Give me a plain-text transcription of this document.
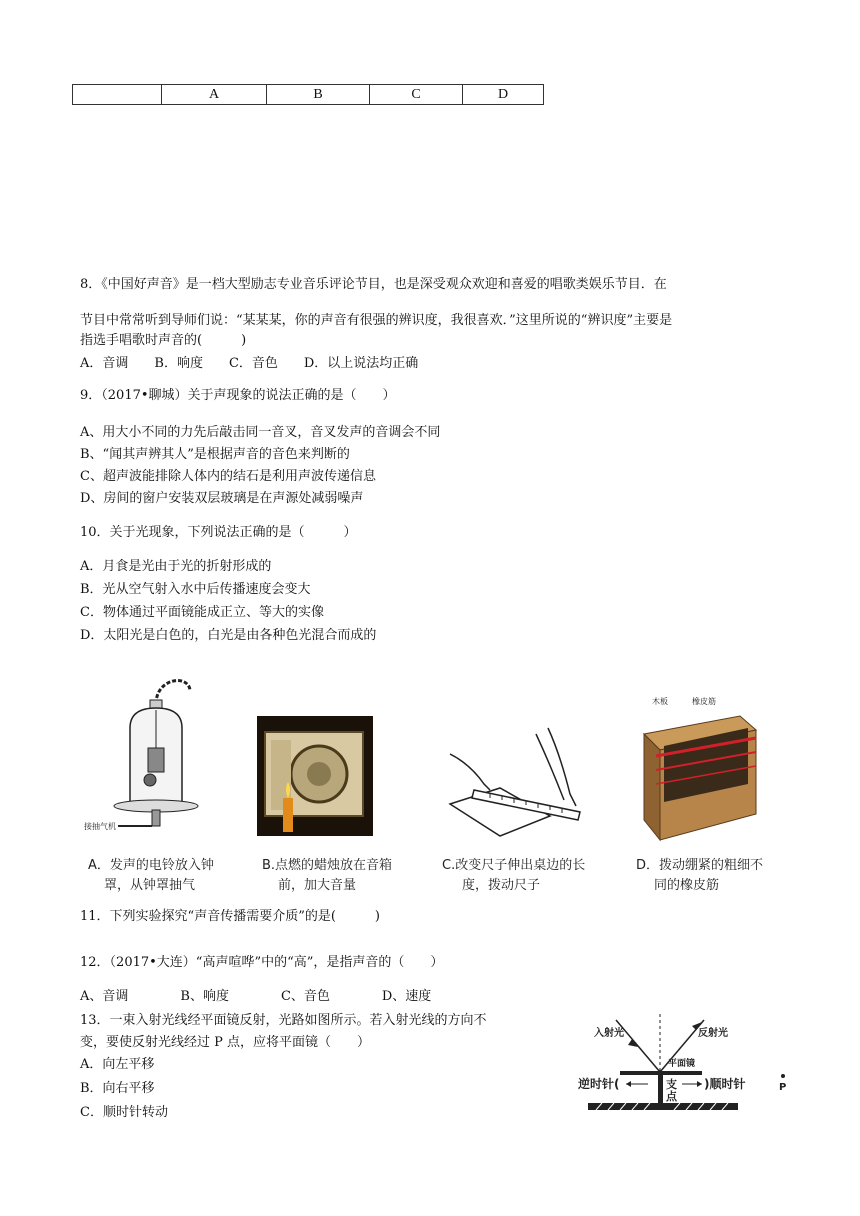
	A	B	C	D
8．《中国好声音》是一档大型励志专业音乐评论节目，也是深受观众欢迎和喜爱的唱歌类娱乐节目．在
节目中常常听到导师们说：“某某某，你的声音有很强的辨识度，我很喜欢．”这里所说的“辨识度”主要是
指选手唱歌时声音的(　　　)
A．音调　　B．响度　　C．音色　　D．以上说法均正确
9．（2017•聊城）关于声现象的说法正确的是（　　）
A、用大小不同的力先后敲击同一音叉，音叉发声的音调会不同
B、“闻其声辨其人”是根据声音的音色来判断的
C、超声波能排除人体内的结石是利用声波传递信息
D、房间的窗户安装双层玻璃是在声源处减弱噪声
10．关于光现象，下列说法正确的是（　　　）
A．月食是光由于光的折射形成的
B．光从空气射入水中后传播速度会变大
C．物体通过平面镜能成正立、等大的实像
D．太阳光是白色的，白光是由各种色光混合而成的
接抽气机
木板	橡皮筋
A．发声的电铃放入钟
罩，从钟罩抽气
B.点燃的蜡烛放在音箱
前，加大音量
C.改变尺子伸出桌边的长
度，拨动尺子
D．拨动绷紧的粗细不
同的橡皮筋
11．下列实验探究“声音传播需要介质”的是(　　　)
12．（2017•大连）“高声喧哗”中的“高”，是指声音的（　　）
A、音调　　　　B、响度　　　　C、音色　　　　D、速度
13．一束入射光线经平面镜反射，光路如图所示。若入射光线的方向不
变，要使反射光线经过 P 点，应将平面镜（　　）
A．向左平移
B．向右平移
C．顺时针转动
入射光	反射光
平面镜
逆时针(	支
点
)顺时针	P
